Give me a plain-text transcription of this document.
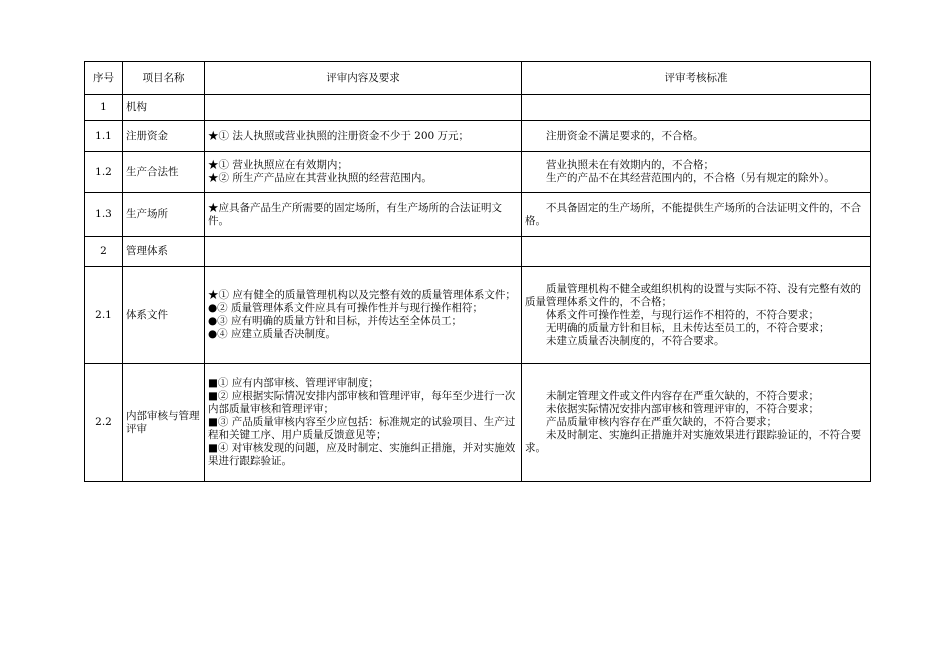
序号	项目名称	评审内容及要求	评审考核标准
1	机构		
1.1	注册资金	★① 法人执照或营业执照的注册资金不少于 200 万元；	注册资金不满足要求的，不合格。

1.2	生产合法性	★① 营业执照应在有效期内；
★② 所生产产品应在其营业执照的经营范围内。	营业执照未在有效期内的，不合格；
生产的产品不在其经营范围内的，不合格（另有规定的除外）。

1.3	生产场所	★应具备产品生产所需要的固定场所，有生产场所的合法证明文件。	不具备固定的生产场所，不能提供生产场所的合法证明文件的，不合格。

2	管理体系		
2.1	体系文件	★① 应有健全的质量管理机构以及完整有效的质量管理体系文件；
●② 质量管理体系文件应具有可操作性并与现行操作相符；
●③ 应有明确的质量方针和目标，并传达至全体员工；
●④ 应建立质量否决制度。	质量管理机构不健全或组织机构的设置与实际不符、没有完整有效的质量管理体系文件的，不合格；
体系文件可操作性差，与现行运作不相符的，不符合要求；
无明确的质量方针和目标，且未传达至员工的，不符合要求；
未建立质量否决制度的，不符合要求。

2.2	内部审核与管理评审	■① 应有内部审核、管理评审制度；
■② 应根据实际情况安排内部审核和管理评审，每年至少进行一次内部质量审核和管理评审；
■③ 产品质量审核内容至少应包括：标准规定的试验项目、生产过程和关键工序、用户质量反馈意见等；
■④ 对审核发现的问题，应及时制定、实施纠正措施，并对实施效果进行跟踪验证。	未制定管理文件或文件内容存在严重欠缺的，不符合要求；
未依据实际情况安排内部审核和管理评审的，不符合要求；
产品质量审核内容存在严重欠缺的，不符合要求；
未及时制定、实施纠正措施并对实施效果进行跟踪验证的，不符合要求。
